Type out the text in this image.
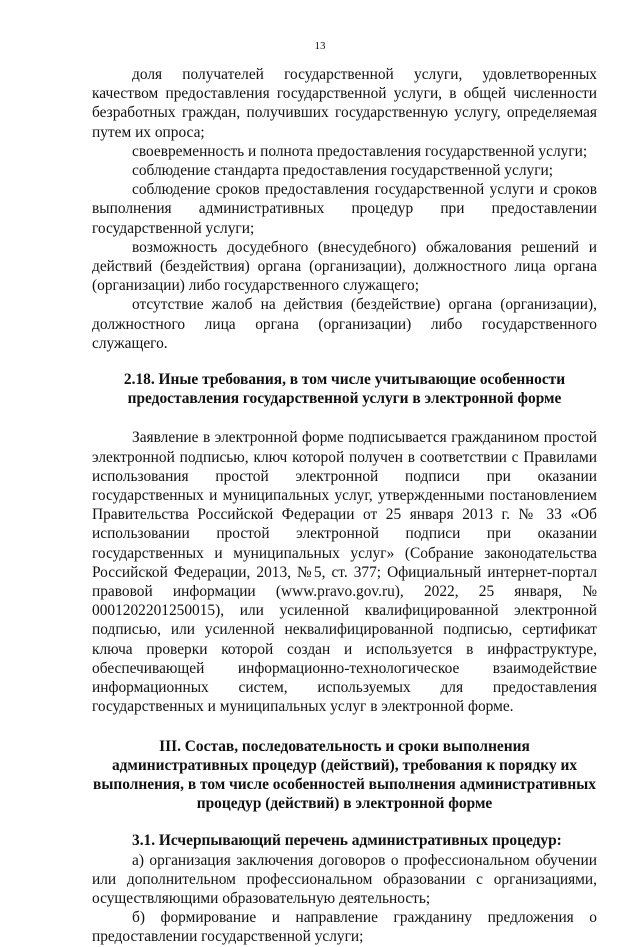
13

доля получателей государственной услуги, удовлетворенных качеством предоставления государственной услуги, в общей численности безработных граждан, получивших государственную услугу, определяемая путем их опроса;

своевременность и полнота предоставления государственной услуги;

соблюдение стандарта предоставления государственной услуги;

соблюдение сроков предоставления государственной услуги и сроков выполнения административных процедур при предоставлении государственной услуги;

возможность досудебного (внесудебного) обжалования решений и действий (бездействия) органа (организации), должностного лица органа (организации) либо государственного служащего;

отсутствие жалоб на действия (бездействие) органа (организации), должностного лица органа (организации) либо государственного служащего.

2.18. Иные требования, в том числе учитывающие особенности предоставления государственной услуги в электронной форме

Заявление в электронной форме подписывается гражданином простой электронной подписью, ключ которой получен в соответствии с Правилами использования простой электронной подписи при оказании государственных и муниципальных услуг, утвержденными постановлением Правительства Российской Федерации от 25 января 2013 г. № 33 «Об использовании простой электронной подписи при оказании государственных и муниципальных услуг» (Собрание законодательства Российской Федерации, 2013, №5, ст. 377; Официальный интернет-портал правовой информации (www.pravo.gov.ru), 2022, 25 января, № 0001202201250015), или усиленной квалифицированной электронной подписью, или усиленной неквалифицированной подписью, сертификат ключа проверки которой создан и используется в инфраструктуре, обеспечивающей информационно-технологическое взаимодействие информационных систем, используемых для предоставления государственных и муниципальных услуг в электронной форме.

III. Состав, последовательность и сроки выполнения административных процедур (действий), требования к порядку их выполнения, в том числе особенностей выполнения административных процедур (действий) в электронной форме
3.1. Исчерпывающий перечень административных процедур:

а) организация заключения договоров о профессиональном обучении или дополнительном профессиональном образовании с организациями, осуществляющими образовательную деятельность;

б) формирование и направление гражданину предложения о предоставлении государственной услуги;
